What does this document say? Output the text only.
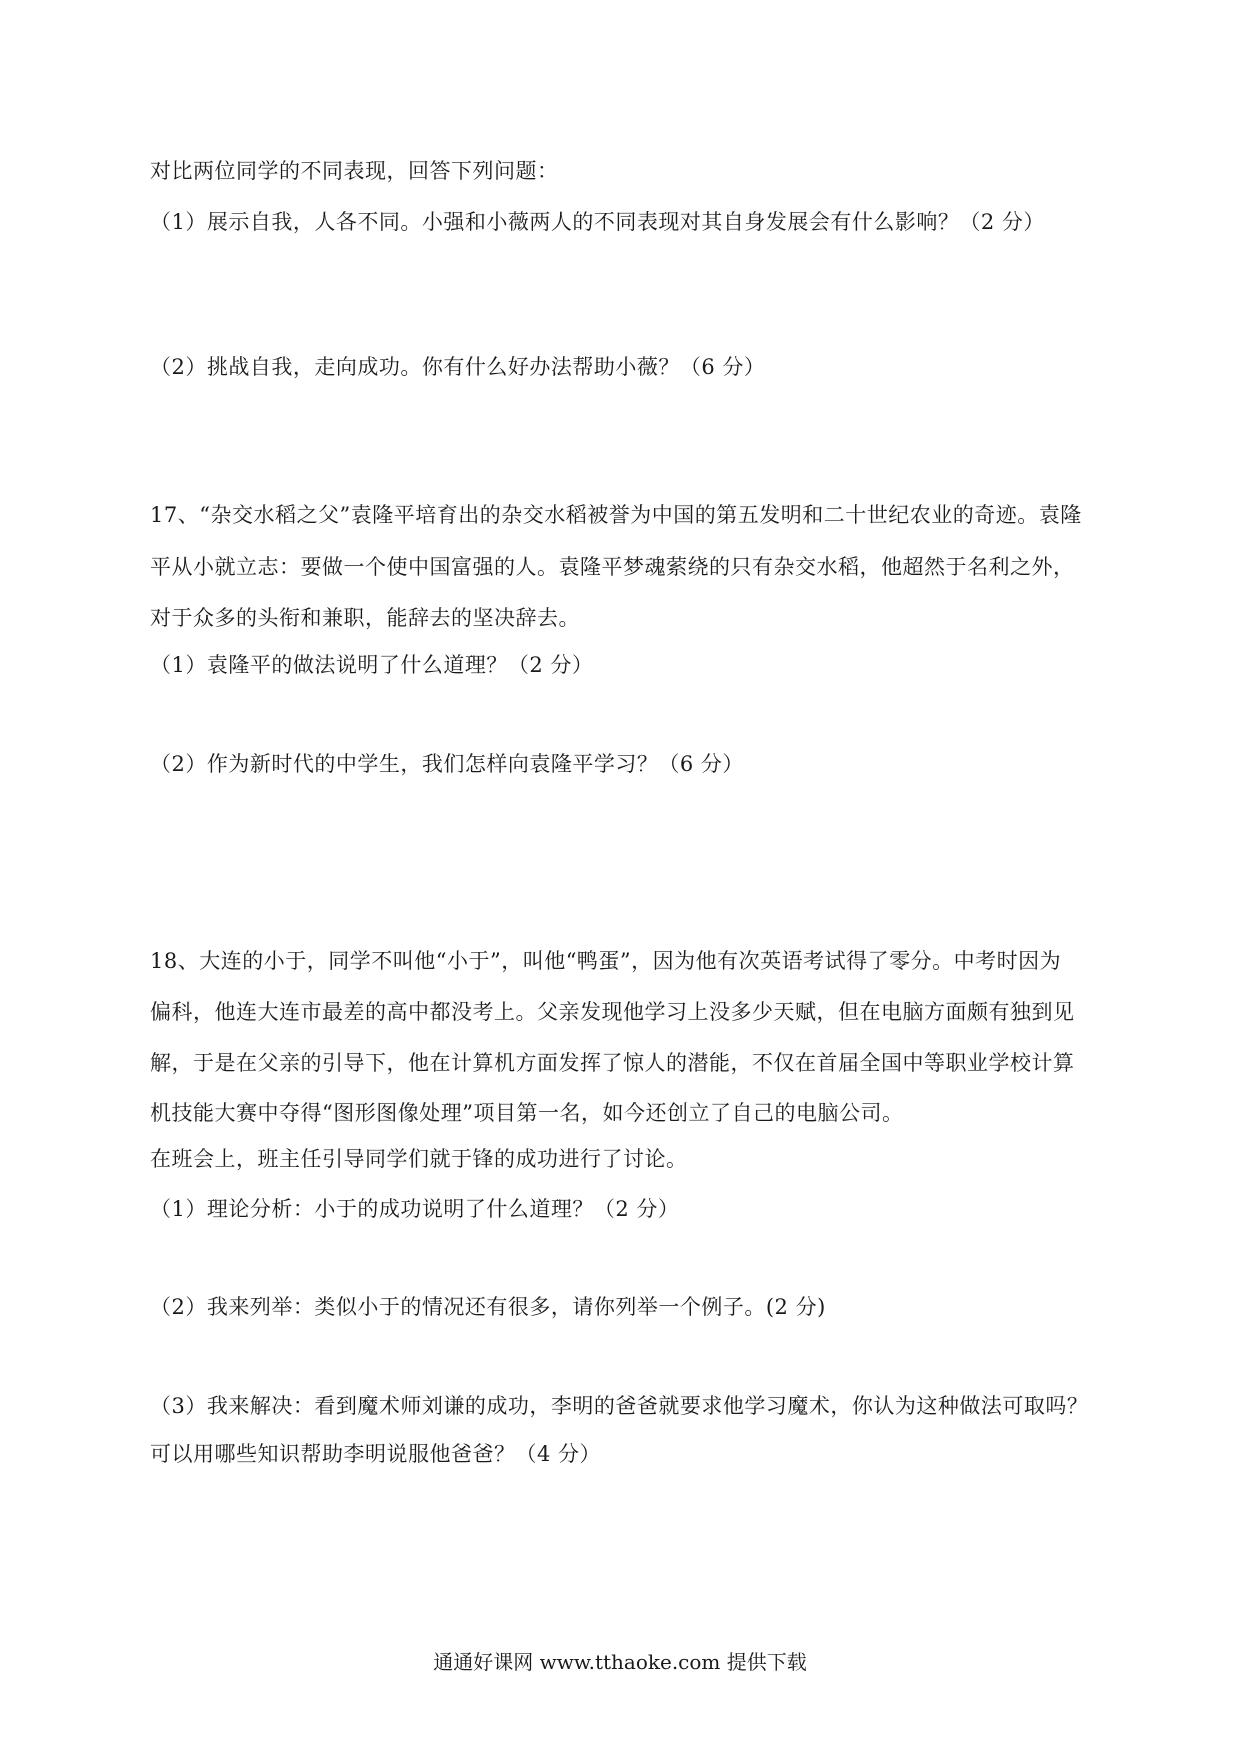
对比两位同学的不同表现，回答下列问题：
（1）展示自我，人各不同。小强和小薇两人的不同表现对其自身发展会有什么影响？（2 分）
（2）挑战自我，走向成功。你有什么好办法帮助小薇？（6 分）
17、“杂交水稻之父”袁隆平培育出的杂交水稻被誉为中国的第五发明和二十世纪农业的奇迹。袁隆
平从小就立志：要做一个使中国富强的人。袁隆平梦魂萦绕的只有杂交水稻，他超然于名利之外，
对于众多的头衔和兼职，能辞去的坚决辞去。
（1）袁隆平的做法说明了什么道理？（2 分）
（2）作为新时代的中学生，我们怎样向袁隆平学习？（6 分）
18、大连的小于，同学不叫他“小于”，叫他“鸭蛋”，因为他有次英语考试得了零分。中考时因为
偏科，他连大连市最差的高中都没考上。父亲发现他学习上没多少天赋，但在电脑方面颇有独到见
解，于是在父亲的引导下，他在计算机方面发挥了惊人的潜能，不仅在首届全国中等职业学校计算
机技能大赛中夺得“图形图像处理”项目第一名，如今还创立了自己的电脑公司。
在班会上，班主任引导同学们就于锋的成功进行了讨论。
（1）理论分析：小于的成功说明了什么道理？（2 分）
（2）我来列举：类似小于的情况还有很多，请你列举一个例子。(2 分)
（3）我来解决：看到魔术师刘谦的成功，李明的爸爸就要求他学习魔术，你认为这种做法可取吗？
可以用哪些知识帮助李明说服他爸爸？（4 分）
通通好课网 www.tthaoke.com 提供下载
